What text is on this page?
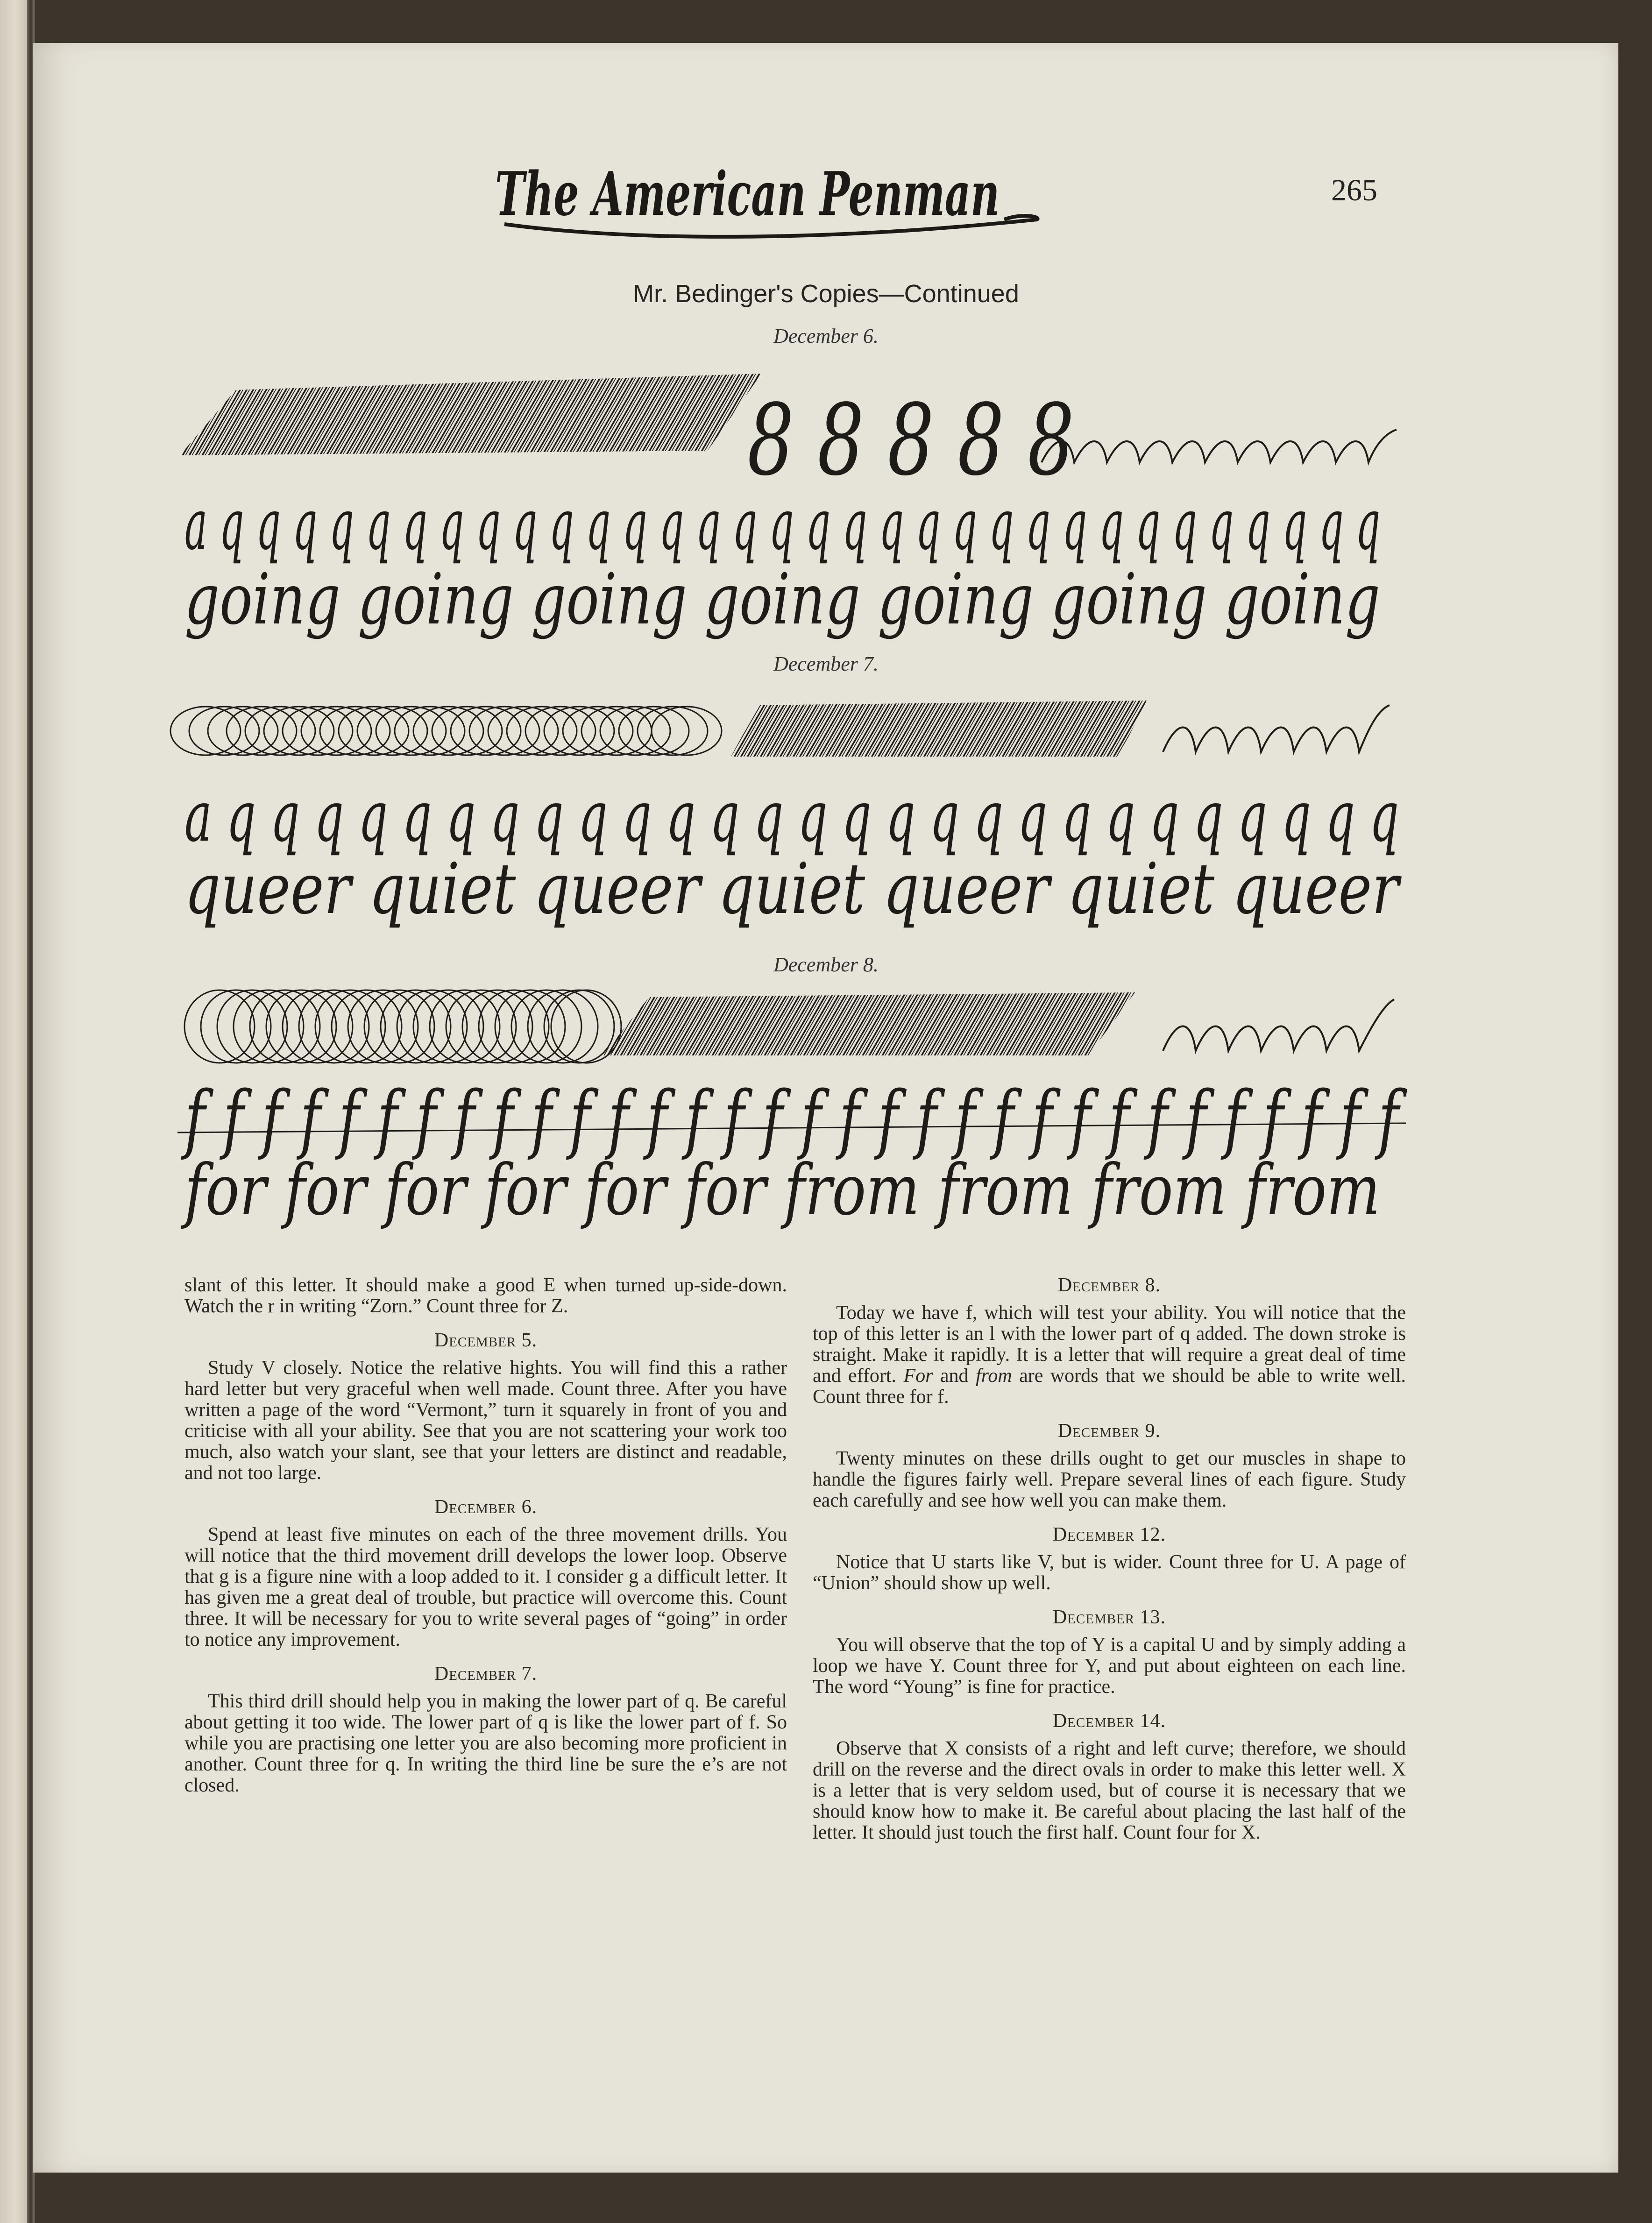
The American Penman	265
Mr. Bedinger's Copies—Continued
December 6.
December 7.
December 8.
8 8 8 8 8
a q q q q q q q q q q q q q q q q q q q q q q q q q q q q q q q q
going going going going going going going
a q q q q q q q q q q q q q q q q q q q q q q q q q q q
queer quiet queer quiet queer quiet queer
f f f f f f f f f f f f f f f f f f f f f f f f f f f f f f f f
for for for for for for from from from from

slant of this letter. It should make a good E when turned up-side-down. Watch the r in writing “Zorn.” Count three for Z.

December 5.

Study V closely. Notice the relative hights. You will find this a rather hard letter but very graceful when well made. Count three. After you have written a page of the word “Vermont,” turn it squarely in front of you and criticise with all your ability. See that you are not scattering your work too much, also watch your slant, see that your letters are distinct and readable, and not too large.

December 6.

Spend at least five minutes on each of the three movement drills. You will notice that the third movement drill develops the lower loop. Observe that g is a figure nine with a loop added to it. I consider g a difficult letter. It has given me a great deal of trouble, but practice will overcome this. Count three. It will be necessary for you to write several pages of “going” in order to notice any improvement.

December 7.

This third drill should help you in making the lower part of q. Be careful about getting it too wide. The lower part of q is like the lower part of f. So while you are practising one letter you are also becoming more proficient in another. Count three for q. In writing the third line be sure the e’s are not closed.

December 8.

Today we have f, which will test your ability. You will notice that the top of this letter is an l with the lower part of q added. The down stroke is straight. Make it rapidly. It is a letter that will require a great deal of time and effort. For and from are words that we should be able to write well. Count three for f.

December 9.

Twenty minutes on these drills ought to get our muscles in shape to handle the figures fairly well. Prepare several lines of each figure. Study each carefully and see how well you can make them.

December 12.

Notice that U starts like V, but is wider. Count three for U. A page of “Union” should show up well.

December 13.

You will observe that the top of Y is a capital U and by simply adding a loop we have Y. Count three for Y, and put about eighteen on each line. The word “Young” is fine for practice.

December 14.

Observe that X consists of a right and left curve; therefore, we should drill on the reverse and the direct ovals in order to make this letter well. X is a letter that is very seldom used, but of course it is necessary that we should know how to make it. Be careful about placing the last half of the letter. It should just touch the first half. Count four for X.
